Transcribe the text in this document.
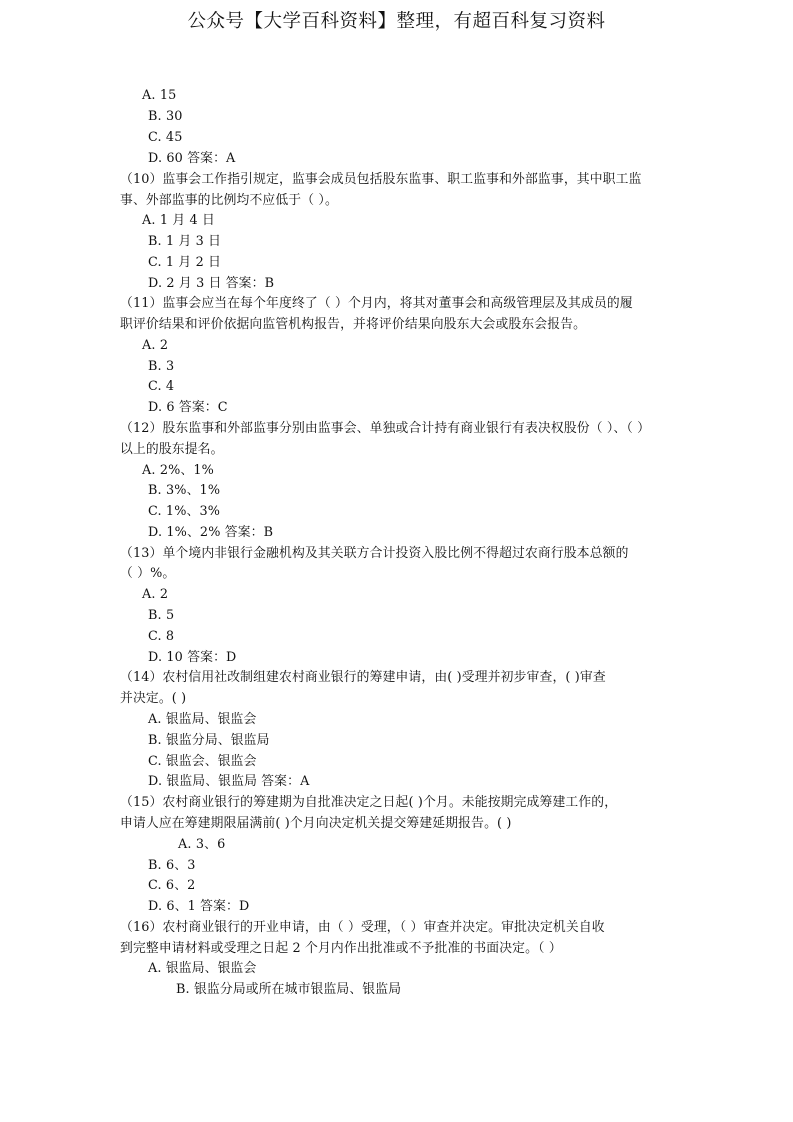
公众号【大学百科资料】整理，有超百科复习资料
A. 15
B. 30
C. 45
D. 60 答案：A
（10）监事会工作指引规定，监事会成员包括股东监事、职工监事和外部监事，其中职工监
事、外部监事的比例均不应低于（ ）。
A. 1 月 4 日
B. 1 月 3 日
C. 1 月 2 日
D. 2 月 3 日 答案：B
（11）监事会应当在每个年度终了（ ）个月内，将其对董事会和高级管理层及其成员的履
职评价结果和评价依据向监管机构报告，并将评价结果向股东大会或股东会报告。
A. 2
B. 3
C. 4
D. 6 答案：C
（12）股东监事和外部监事分别由监事会、单独或合计持有商业银行有表决权股份（ ）、（ ）
以上的股东提名。
A. 2%、1%
B. 3%、1%
C. 1%、3%
D. 1%、2% 答案：B
（13）单个境内非银行金融机构及其关联方合计投资入股比例不得超过农商行股本总额的
（ ）%。
A. 2
B. 5
C. 8
D. 10 答案：D
（14）农村信用社改制组建农村商业银行的筹建申请，由( )受理并初步审查，( )审查
并决定。( )
A. 银监局、银监会
B. 银监分局、银监局
C. 银监会、银监会
D. 银监局、银监局 答案：A
（15）农村商业银行的筹建期为自批准决定之日起( )个月。未能按期完成筹建工作的，
申请人应在筹建期限届满前( )个月向决定机关提交筹建延期报告。( )
A. 3、6
B. 6、3
C. 6、2
D. 6、1 答案：D
（16）农村商业银行的开业申请，由（ ）受理，（ ）审查并决定。审批决定机关自收
到完整申请材料或受理之日起 2 个月内作出批准或不予批准的书面决定。（ ）
A. 银监局、银监会
B. 银监分局或所在城市银监局、银监局
